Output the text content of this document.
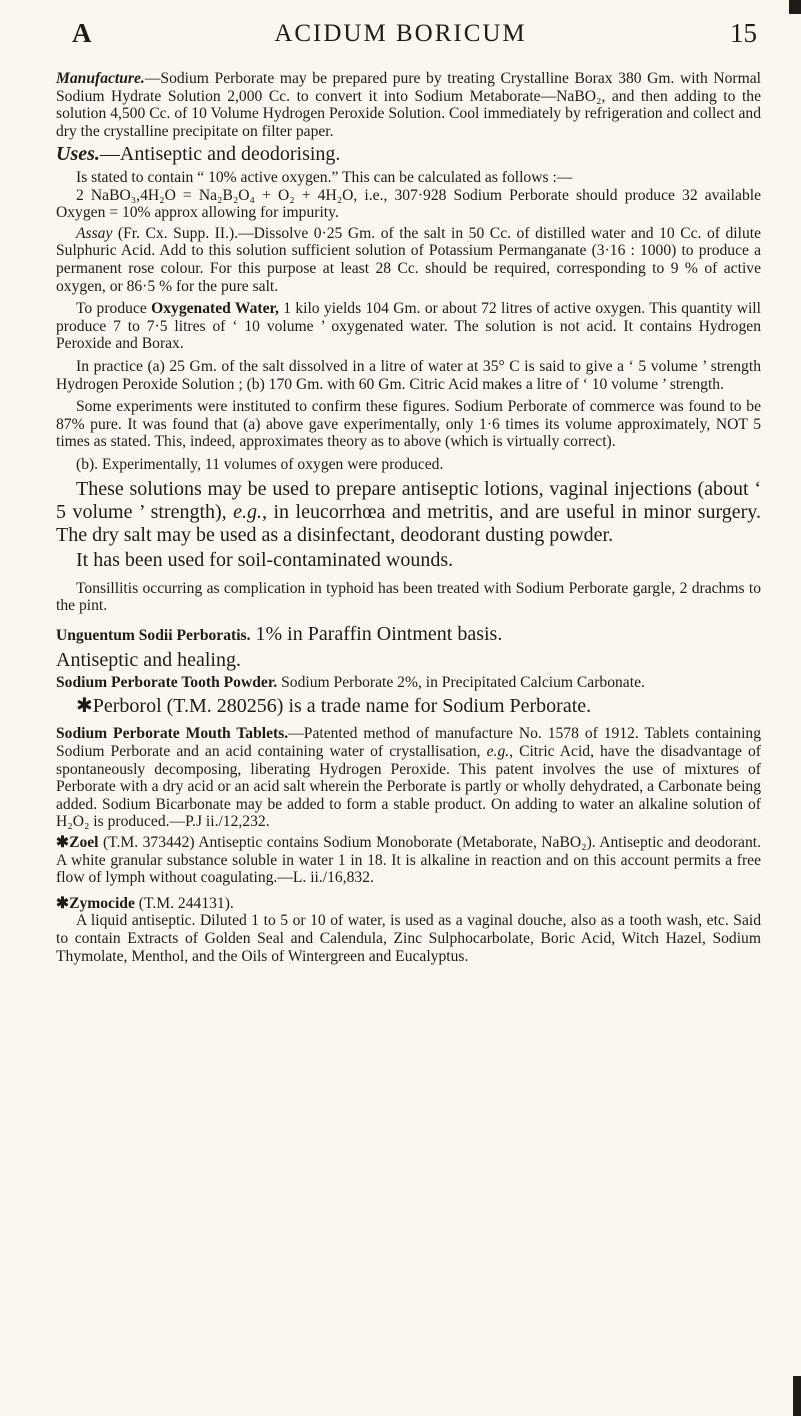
A	ACIDUM BORICUM	15

Manufacture.—Sodium Perborate may be prepared pure by treating Crystalline Borax 380 Gm. with Normal Sodium Hydrate Solution 2,000 Cc. to convert it into Sodium Metaborate—NaBO₂, and then adding to the solution 4,500 Cc. of 10 Volume Hydrogen Peroxide Solution. Cool immediately by refrigeration and collect and dry the crystalline precipitate on filter paper.

Uses.—Antiseptic and deodorising.

Is stated to contain “ 10% active oxygen.” This can be calculated as follows :—

2 NaBO₃,4H₂O = Na₂B₂O₄ + O₂ + 4H₂O, i.e., 307·928 Sodium Perborate should produce 32 available Oxygen = 10% approx allowing for impurity.

Assay (Fr. Cx. Supp. II.).—Dissolve 0·25 Gm. of the salt in 50 Cc. of distilled water and 10 Cc. of dilute Sulphuric Acid. Add to this solution sufficient solution of Potassium Permanganate (3·16 : 1000) to produce a permanent rose colour. For this purpose at least 28 Cc. should be required, corresponding to 9 % of active oxygen, or 86·5 % for the pure salt.

To produce Oxygenated Water, 1 kilo yields 104 Gm. or about 72 litres of active oxygen. This quantity will produce 7 to 7·5 litres of ‘ 10 volume ’ oxygenated water. The solution is not acid. It contains Hydrogen Peroxide and Borax.

In practice (a) 25 Gm. of the salt dissolved in a litre of water at 35° C is said to give a ‘ 5 volume ’ strength Hydrogen Peroxide Solution ; (b) 170 Gm. with 60 Gm. Citric Acid makes a litre of ‘ 10 volume ’ strength.

Some experiments were instituted to confirm these figures. Sodium Perborate of commerce was found to be 87% pure. It was found that (a) above gave experimentally, only 1·6 times its volume approximately, NOT 5 times as stated. This, indeed, approximates theory as to above (which is virtually correct).

(b). Experimentally, 11 volumes of oxygen were produced.

These solutions may be used to prepare antiseptic lotions, vaginal injections (about ‘ 5 volume ’ strength), e.g., in leucorrhœa and metritis, and are useful in minor surgery. The dry salt may be used as a disinfectant, deodorant dusting powder.

It has been used for soil-contaminated wounds.

Tonsillitis occurring as complication in typhoid has been treated with Sodium Perborate gargle, 2 drachms to the pint.

Unguentum Sodii Perboratis. 1% in Paraffin Ointment basis.

Antiseptic and healing.

Sodium Perborate Tooth Powder. Sodium Perborate 2%, in Precipitated Calcium Carbonate.

✱Perborol (T.M. 280256) is a trade name for Sodium Perborate.

Sodium Perborate Mouth Tablets.—Patented method of manufacture No. 1578 of 1912. Tablets containing Sodium Perborate and an acid containing water of crystallisation, e.g., Citric Acid, have the disadvantage of spontaneously decomposing, liberating Hydrogen Peroxide. This patent involves the use of mixtures of Perborate with a dry acid or an acid salt wherein the Perborate is partly or wholly dehydrated, a Carbonate being added. Sodium Bicarbonate may be added to form a stable product. On adding to water an alkaline solution of H₂O₂ is produced.—P.J ii./12,232.

✱Zoel (T.M. 373442) Antiseptic contains Sodium Monoborate (Metaborate, NaBO₂). Antiseptic and deodorant. A white granular substance soluble in water 1 in 18. It is alkaline in reaction and on this account permits a free flow of lymph without coagulating.—L. ii./16,832.

✱Zymocide (T.M. 244131).

A liquid antiseptic. Diluted 1 to 5 or 10 of water, is used as a vaginal douche, also as a tooth wash, etc. Said to contain Extracts of Golden Seal and Calendula, Zinc Sulphocarbolate, Boric Acid, Witch Hazel, Sodium Thymolate, Menthol, and the Oils of Wintergreen and Eucalyptus.
